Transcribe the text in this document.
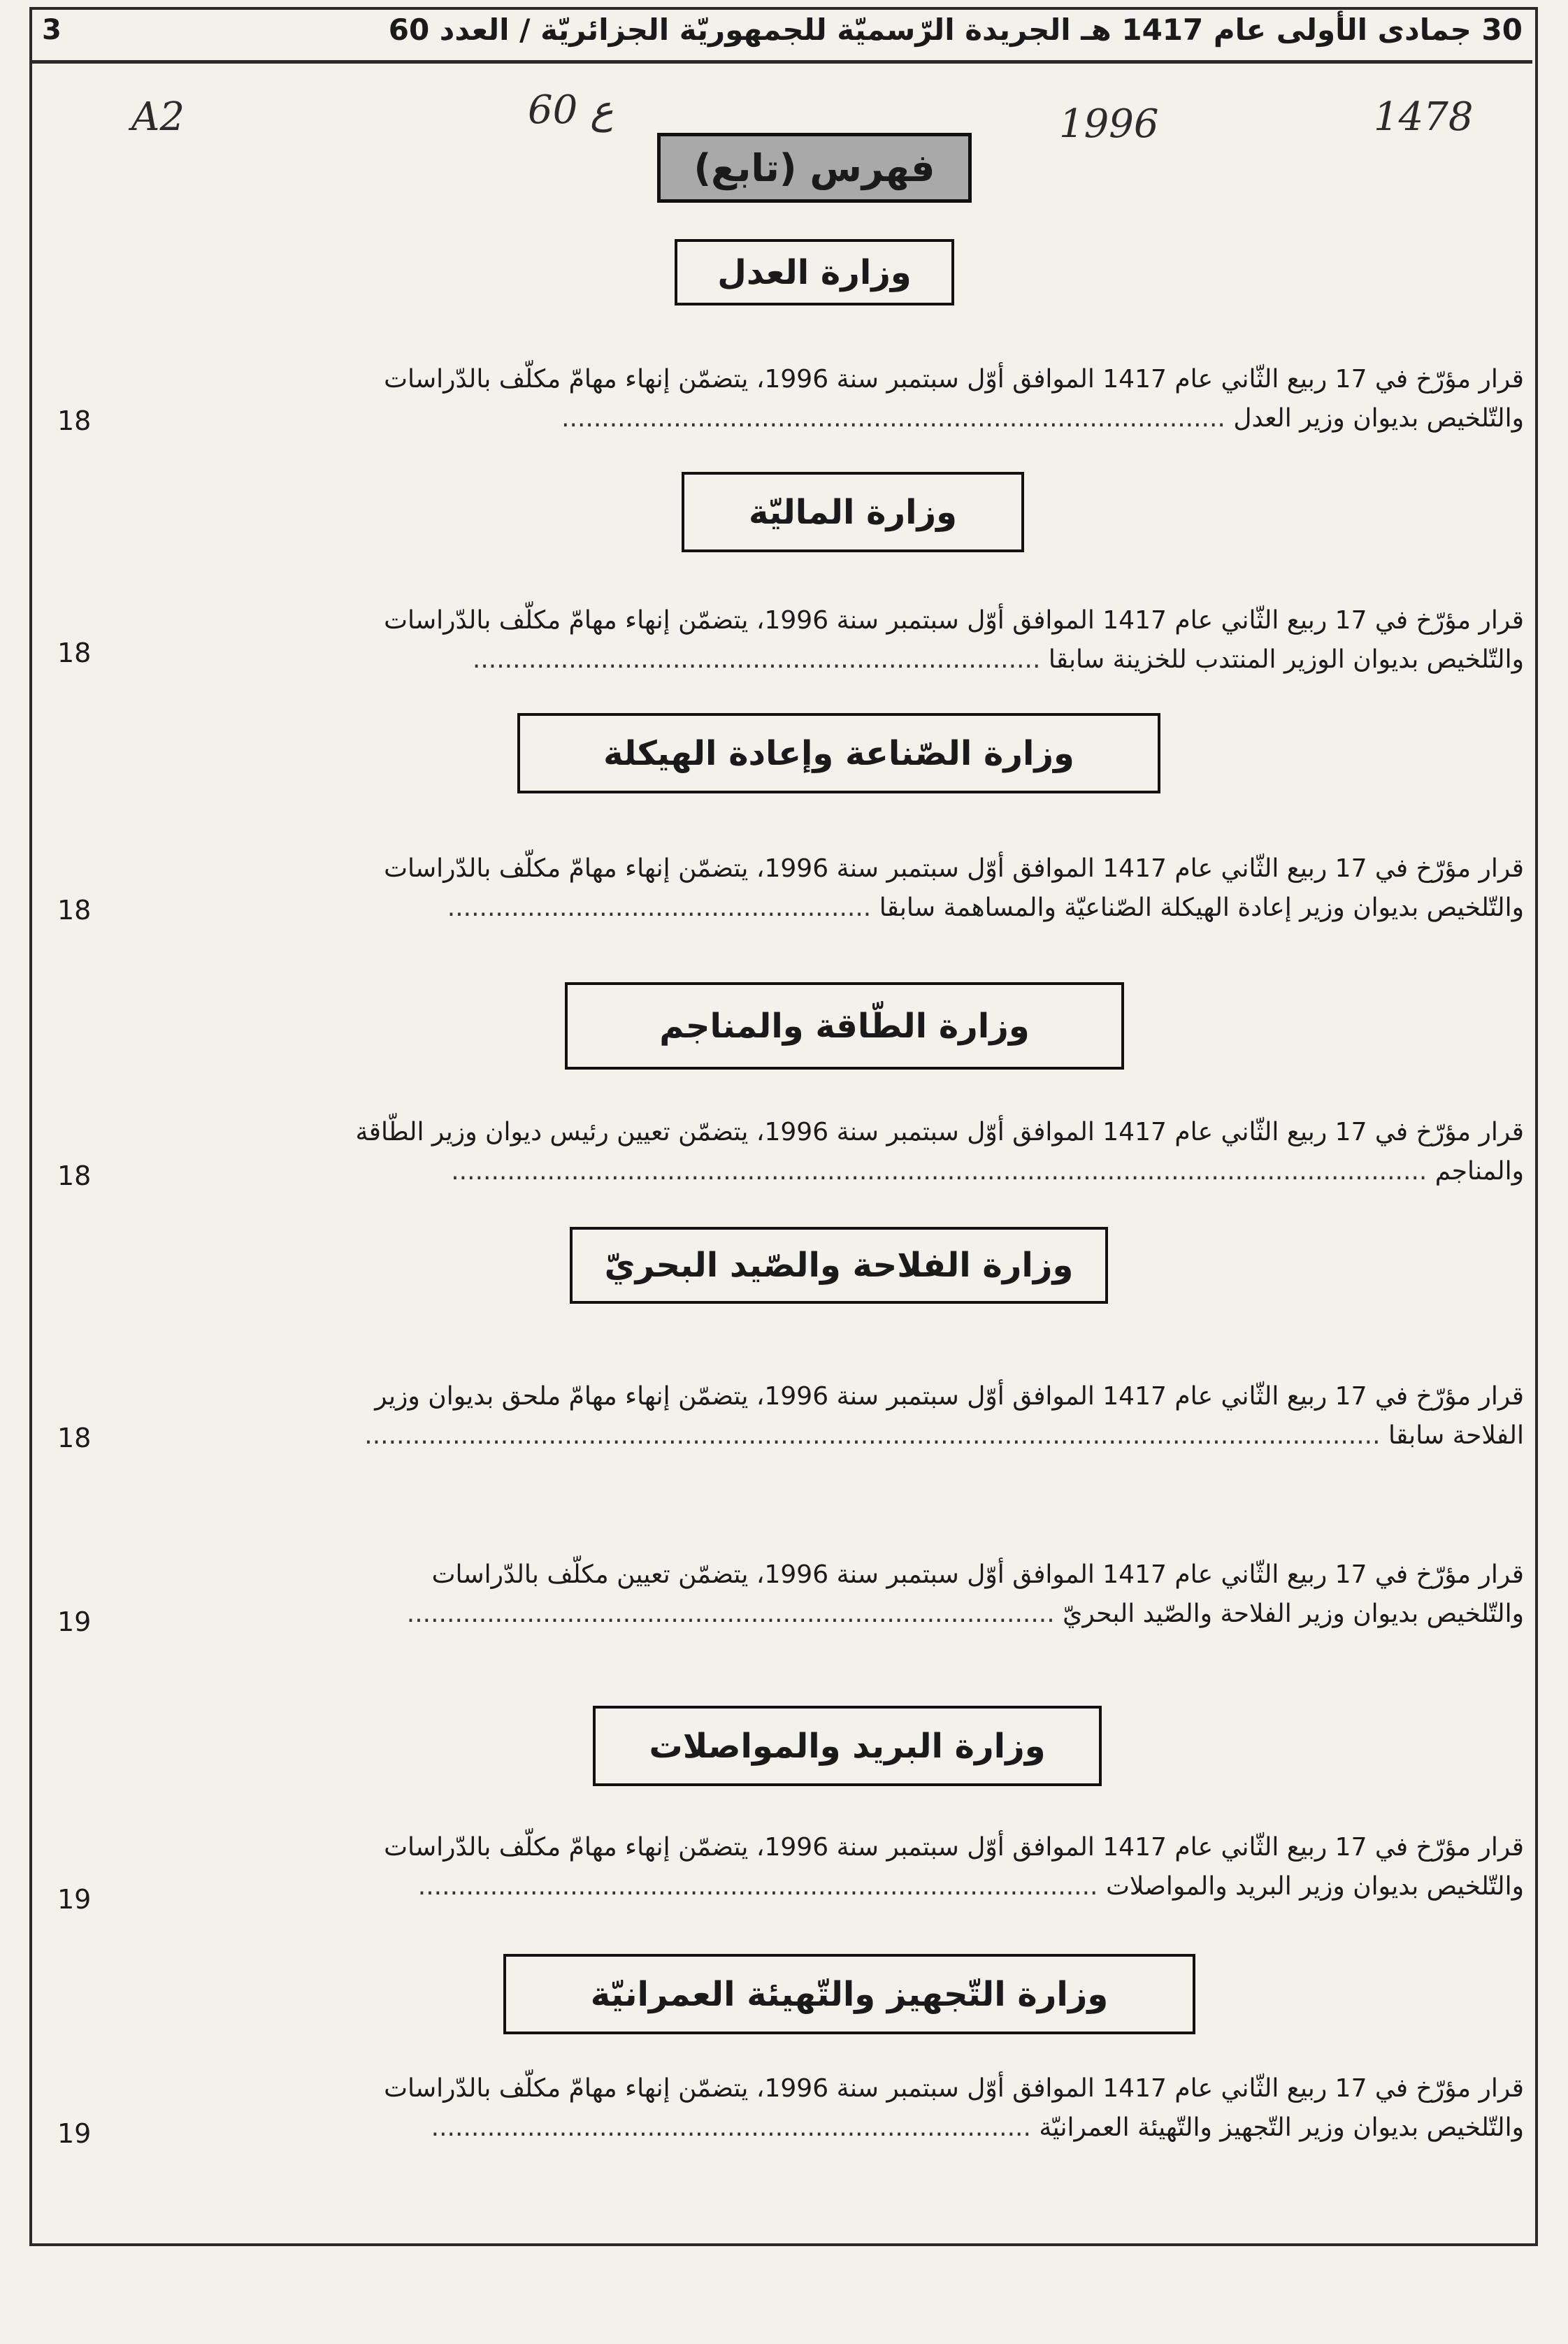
30 جمادى الأولى عام 1417 هـ الجريدة الرّسميّة للجمهوريّة الجزائريّة / العدد 60
3
A2	ع 60	1996	1478
فهرس (تابع)
وزارة العدل
قرار مؤرّخ في 17 ربيع الثّاني عام 1417 الموافق أوّل سبتمبر سنة 1996، يتضمّن إنهاء مهامّ مكلّف بالدّراسات
والتّلخيص بديوان وزير العدل ...................................................................................
18
وزارة الماليّة
قرار مؤرّخ في 17 ربيع الثّاني عام 1417 الموافق أوّل سبتمبر سنة 1996، يتضمّن إنهاء مهامّ مكلّف بالدّراسات
والتّلخيص بديوان الوزير المنتدب للخزينة سابقا .......................................................................
18
وزارة الصّناعة وإعادة الهيكلة
قرار مؤرّخ في 17 ربيع الثّاني عام 1417 الموافق أوّل سبتمبر سنة 1996، يتضمّن إنهاء مهامّ مكلّف بالدّراسات
والتّلخيص بديوان وزير إعادة الهيكلة الصّناعيّة والمساهمة سابقا .....................................................
18
وزارة الطّاقة والمناجم
قرار مؤرّخ في 17 ربيع الثّاني عام 1417 الموافق أوّل سبتمبر سنة 1996، يتضمّن تعيين رئيس ديوان وزير الطّاقة
والمناجم ..........................................................................................................................
18
وزارة الفلاحة والصّيد البحريّ
قرار مؤرّخ في 17 ربيع الثّاني عام 1417 الموافق أوّل سبتمبر سنة 1996، يتضمّن إنهاء مهامّ ملحق بديوان وزير
الفلاحة سابقا ...............................................................................................................................
18
قرار مؤرّخ في 17 ربيع الثّاني عام 1417 الموافق أوّل سبتمبر سنة 1996، يتضمّن تعيين مكلّف بالدّراسات
والتّلخيص بديوان وزير الفلاحة والصّيد البحريّ .................................................................................
19
وزارة البريد والمواصلات
قرار مؤرّخ في 17 ربيع الثّاني عام 1417 الموافق أوّل سبتمبر سنة 1996، يتضمّن إنهاء مهامّ مكلّف بالدّراسات
والتّلخيص بديوان وزير البريد والمواصلات .....................................................................................
19
وزارة التّجهيز والتّهيئة العمرانيّة
قرار مؤرّخ في 17 ربيع الثّاني عام 1417 الموافق أوّل سبتمبر سنة 1996، يتضمّن إنهاء مهامّ مكلّف بالدّراسات
والتّلخيص بديوان وزير التّجهيز والتّهيئة العمرانيّة ...........................................................................
19
